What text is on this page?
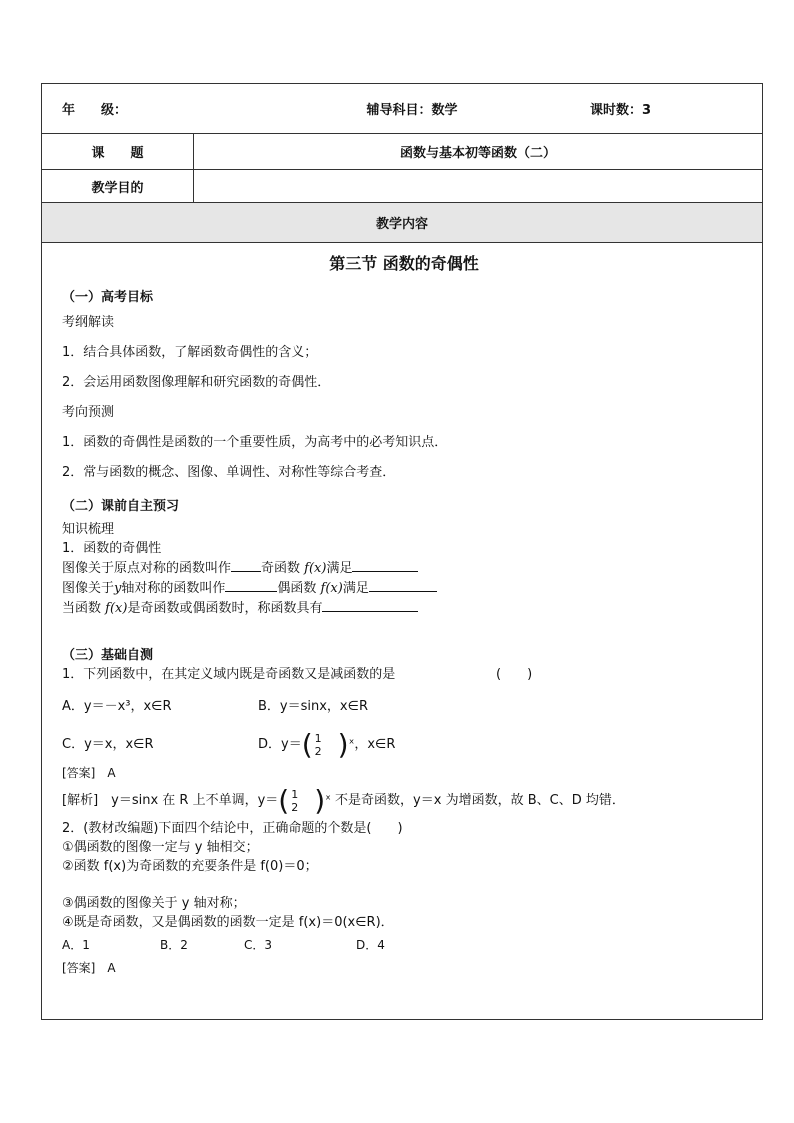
年　　级：	辅导科目：数学	课时数：3
课　　题	函数与基本初等函数（二）
教学目的
教学内容
第三节 函数的奇偶性
（一）高考目标
考纲解读
1．结合具体函数，了解函数奇偶性的含义；
2．会运用函数图像理解和研究函数的奇偶性．
考向预测
1．函数的奇偶性是函数的一个重要性质，为高考中的必考知识点．
2．常与函数的概念、图像、单调性、对称性等综合考查．
（二）课前自主预习
知识梳理
1．函数的奇偶性
图像关于原点对称的函数叫作 奇函数 f(x)满足
图像关于y轴对称的函数叫作	偶函数 f(x)满足
当函数 f(x)是奇函数或偶函数时，称函数具有
（三）基础自测
1．下列函数中，在其定义域内既是奇函数又是减函数的是	(　　)
A．y＝－x³，x∈R	B．y＝sinx，x∈R
C．y＝x，x∈R	D．y＝ ( 1
2 ) ˣ，x∈R
[答案]　A
[解析]　y＝sinx 在 R 上不单调，y＝ ( 1
2 ) ˣ 不是奇函数，y＝x 为增函数，故 B、C、D 均错．
2．(教材改编题)下面四个结论中，正确命题的个数是(　　)
①偶函数的图像一定与 y 轴相交；
②函数 f(x)为奇函数的充要条件是 f(0)＝0；
③偶函数的图像关于 y 轴对称；
④既是奇函数，又是偶函数的函数一定是 f(x)＝0(x∈R)．
A．1	B．2	C．3	D．4
[答案]　A
